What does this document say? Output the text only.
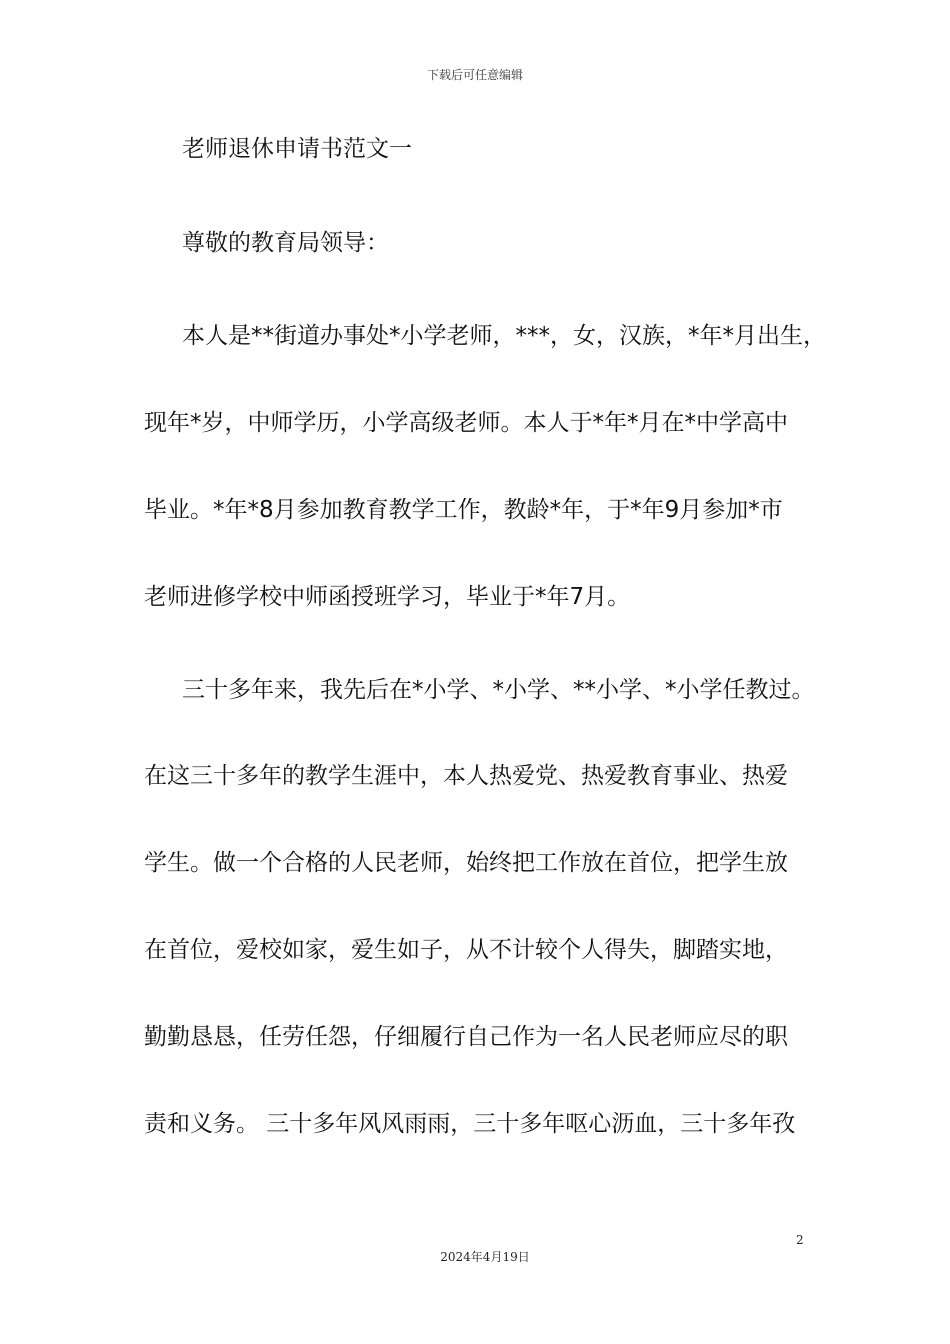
下载后可任意编辑
老师退休申请书范文一
尊敬的教育局领导：
本人是**街道办事处*小学老师，***，女，汉族，*年*月出生，
现年*岁，中师学历，小学高级老师。本人于*年*月在*中学高中
毕业。*年*8月参加教育教学工作，教龄*年，于*年9月参加*市
老师进修学校中师函授班学习，毕业于*年7月。
三十多年来，我先后在*小学、*小学、**小学、*小学任教过。
在这三十多年的教学生涯中，本人热爱党、热爱教育事业、热爱
学生。做一个合格的人民老师，始终把工作放在首位，把学生放
在首位，爱校如家，爱生如子，从不计较个人得失，脚踏实地，
勤勤恳恳，任劳任怨，仔细履行自己作为一名人民老师应尽的职
责和义务。 三十多年风风雨雨，三十多年呕心沥血，三十多年孜
2
2024年4月19日
